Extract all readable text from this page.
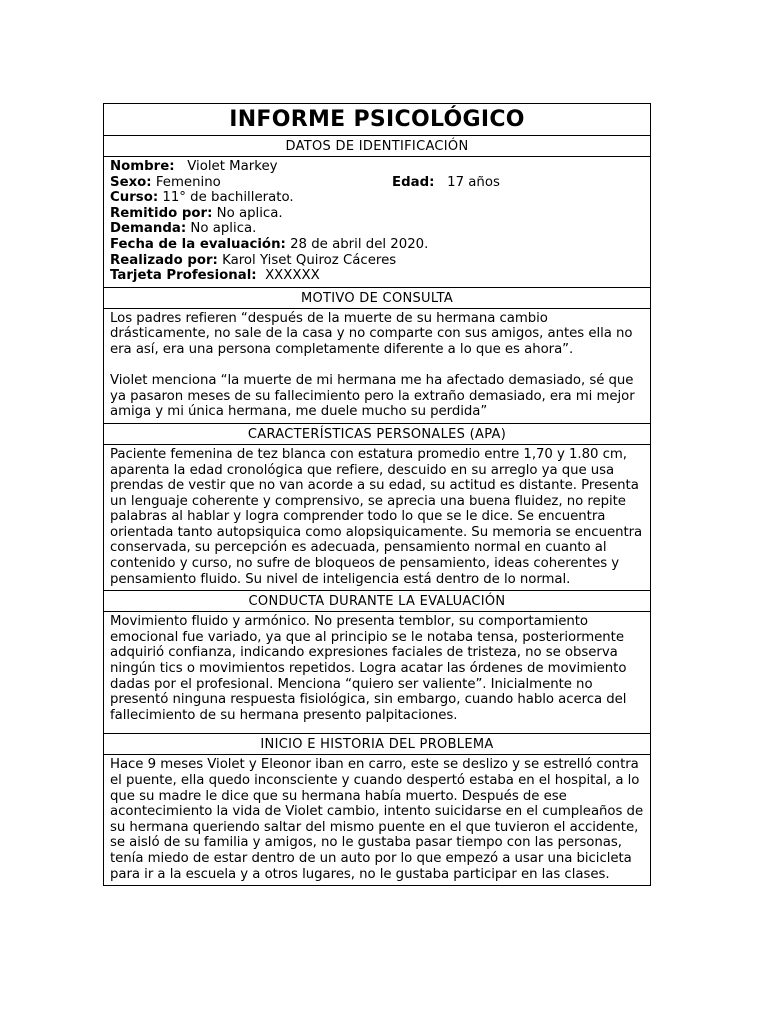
INFORME PSICOLÓGICO
DATOS DE IDENTIFICACIÓN
Nombre: Violet Markey
Sexo: Femenino	Edad: 17 años
Curso: 11° de bachillerato.
Remitido por: No aplica.
Demanda: No aplica.
Fecha de la evaluación: 28 de abril del 2020.
Realizado por: Karol Yiset Quiroz Cáceres
Tarjeta Profesional: XXXXXX
MOTIVO DE CONSULTA

Los padres refieren “después de la muerte de su hermana cambio drásticamente, no sale de la casa y no comparte con sus amigos, antes ella no era así, era una persona completamente diferente a lo que es ahora”.

Violet menciona “la muerte de mi hermana me ha afectado demasiado, sé que ya pasaron meses de su fallecimiento pero la extraño demasiado, era mi mejor amiga y mi única hermana, me duele mucho su perdida”

CARACTERÍSTICAS PERSONALES (APA)
Paciente femenina de tez blanca con estatura promedio entre 1,70 y 1.80 cm, aparenta la edad cronológica que refiere, descuido en su arreglo ya que usa prendas de vestir que no van acorde a su edad, su actitud es distante. Presenta un lenguaje coherente y comprensivo, se aprecia una buena fluidez, no repite palabras al hablar y logra comprender todo lo que se le dice. Se encuentra orientada tanto autopsiquica como alopsiquicamente. Su memoria se encuentra conservada, su percepción es adecuada, pensamiento normal en cuanto al contenido y curso, no sufre de bloqueos de pensamiento, ideas coherentes y pensamiento fluido. Su nivel de inteligencia está dentro de lo normal.
CONDUCTA DURANTE LA EVALUACIÓN
Movimiento fluido y armónico. No presenta temblor, su comportamiento emocional fue variado, ya que al principio se le notaba tensa, posteriormente adquirió confianza, indicando expresiones faciales de tristeza, no se observa ningún tics o movimientos repetidos. Logra acatar las órdenes de movimiento dadas por el profesional. Menciona “quiero ser valiente”. Inicialmente no presentó ninguna respuesta fisiológica, sin embargo, cuando hablo acerca del fallecimiento de su hermana presento palpitaciones.
INICIO E HISTORIA DEL PROBLEMA
Hace 9 meses Violet y Eleonor iban en carro, este se deslizo y se estrelló contra el puente, ella quedo inconsciente y cuando despertó estaba en el hospital, a lo que su madre le dice que su hermana había muerto. Después de ese acontecimiento la vida de Violet cambio, intento suicidarse en el cumpleaños de su hermana queriendo saltar del mismo puente en el que tuvieron el accidente, se aisló de su familia y amigos, no le gustaba pasar tiempo con las personas, tenía miedo de estar dentro de un auto por lo que empezó a usar una bicicleta para ir a la escuela y a otros lugares, no le gustaba participar en las clases.
